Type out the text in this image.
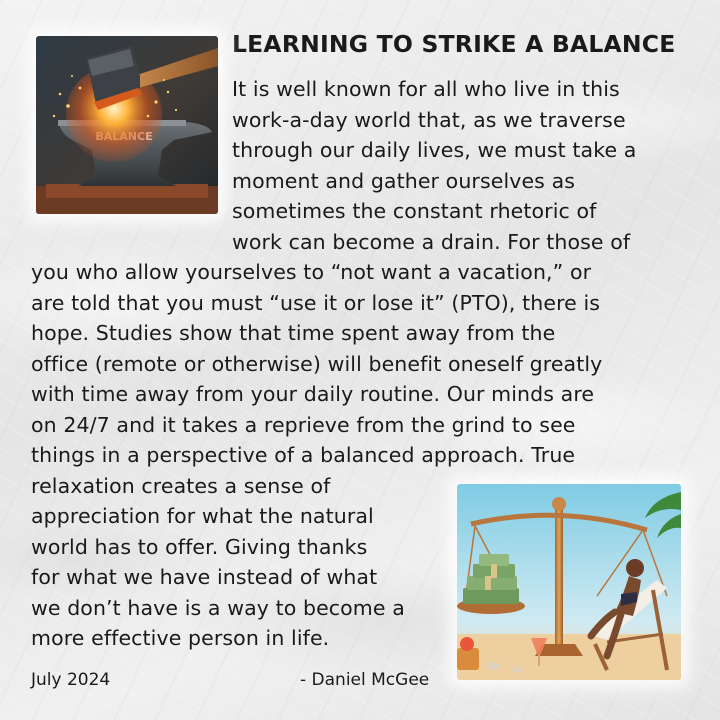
LEARNING TO STRIKE A BALANCE

It is well known for all who live in this

work-a-day world that, as we traverse

through our daily lives, we must take a

moment and gather ourselves as

sometimes the constant rhetoric of

work can become a drain. For those of

you who allow yourselves to “not want a vacation,” or

are told that you must “use it or lose it” (PTO), there is

hope. Studies show that time spent away from the

office (remote or otherwise) will benefit oneself greatly

with time away from your daily routine. Our minds are

on 24/7 and it takes a reprieve from the grind to see

things in a perspective of a balanced approach. True

relaxation creates a sense of

appreciation for what the natural

world has to offer. Giving thanks

for what we have instead of what

we don’t have is a way to become a

more effective person in life.

July 2024	- Daniel McGee
